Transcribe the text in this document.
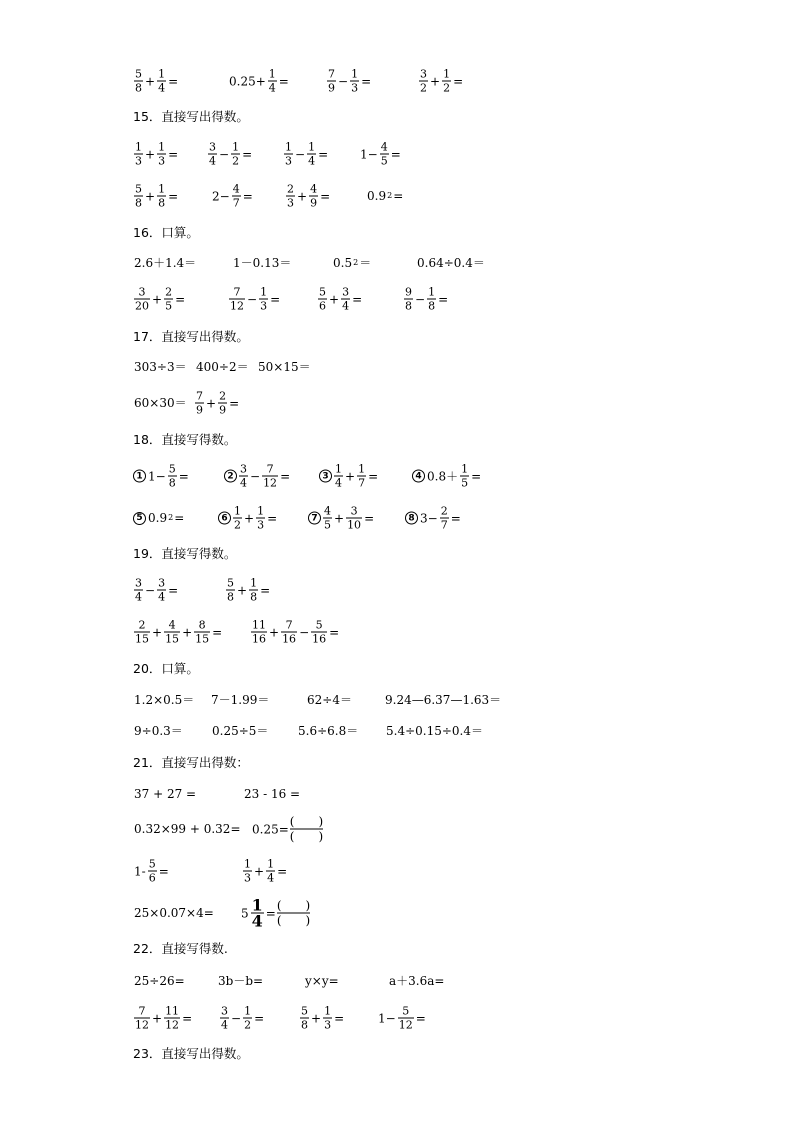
$\frac{5}{8} + \frac{1}{4}$ =	$0.25+ \frac{1}{4}$ =	$\frac{7}{9} - \frac{1}{3}$ =	$\frac{3}{2} + \frac{1}{2}$ =
15．直接写出得数。
$\frac{1}{3} + \frac{1}{3}$ =	$\frac{3}{4} - \frac{1}{2}$ =	$\frac{1}{3} - \frac{1}{4}$ =	$1- \frac{4}{5}$ =
$\frac{5}{8} + \frac{1}{8}$ =	$2- \frac{4}{7}$ =	$\frac{2}{3} + \frac{4}{9}$ =	0.9 2 =
16．口算。
2.6＋1.4＝	1－0.13＝	0.5 2 ＝	0.64÷0.4＝
$\frac{3}{20} + \frac{2}{5}$ =	$\frac{7}{12} - \frac{1}{3}$ =	$\frac{5}{6} + \frac{3}{4}$ =	$\frac{9}{8} - \frac{1}{8}$ =
17．直接写出得数。
303÷3＝ 400÷2＝ 50×15＝
$60\times 30= \frac{7}{9} + \frac{2}{9}$ =
18．直接写得数。
1 $1- \frac{5}{8}$ =	$2 \frac{3}{4} - \frac{7}{12}$ =	$3 \frac{1}{4} + \frac{1}{7}$ =	4 $0.8+ \frac{1}{5}$ =
5 0.9 2 =	$6 \frac{1}{2} + \frac{1}{3}$ =	$7 \frac{4}{5} + \frac{3}{10}$ =	8 $3- \frac{2}{7}$ =
19．直接写得数。
$\frac{3}{4} - \frac{3}{4}$ =	$\frac{5}{8} + \frac{1}{8}$ =
$\frac{2}{15} + \frac{4}{15} + \frac{8}{15}$ =	$\frac{11}{16} + \frac{7}{16} - \frac{5}{16}$ =
20．口算。
1.2×0.5＝ 7－1.99＝	62÷4＝	9.24—6.37—1.63＝
9÷0.3＝ 0.25÷5＝ 5.6÷6.8＝ 5.4÷0.15÷0.4＝
21．直接写出得数：
37 + 27 =	23 - 16 =
0.32×99 + 0.32= 0.25=
(　　)
(　　)
$1- \frac{5}{6}$ =	$\frac{1}{3} + \frac{1}{4}$ =
$25\times 0.07\times 4= 5 \frac{1}{4}$ =
(　　)
(　　)
22．直接写得数.
25÷26=	3b－b=	y×y=	a＋3.6a=
$\frac{7}{12} + \frac{11}{12}$ =	$\frac{3}{4} - \frac{1}{2}$ =	$\frac{5}{8} + \frac{1}{3}$ =	$1- \frac{5}{12}$ =
23．直接写出得数。
